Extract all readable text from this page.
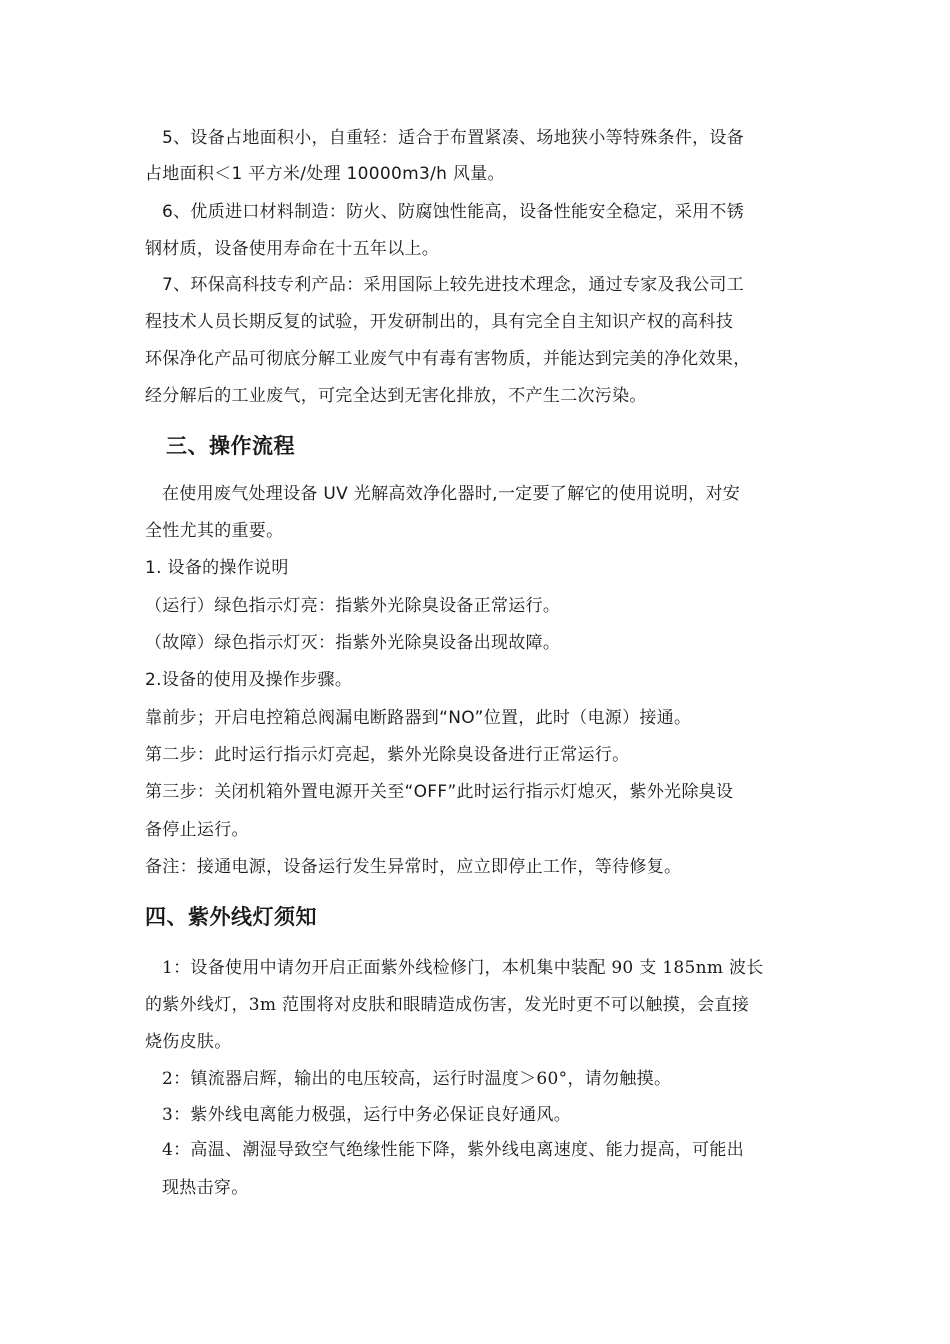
5、设备占地面积小，自重轻：适合于布置紧凑、场地狭小等特殊条件，设备
占地面积＜1 平方米/处理 10000m3/h 风量。
6、优质进口材料制造：防火、防腐蚀性能高，设备性能安全稳定，采用不锈
钢材质，设备使用寿命在十五年以上。
7、环保高科技专利产品：采用国际上较先进技术理念，通过专家及我公司工
程技术人员长期反复的试验，开发研制出的，具有完全自主知识产权的高科技
环保净化产品可彻底分解工业废气中有毒有害物质，并能达到完美的净化效果，
经分解后的工业废气，可完全达到无害化排放，不产生二次污染。
三、操作流程
在使用废气处理设备 UV 光解高效净化器时,一定要了解它的使用说明，对安
全性尤其的重要。
1. 设备的操作说明
（运行）绿色指示灯亮：指紫外光除臭设备正常运行。
（故障）绿色指示灯灭：指紫外光除臭设备出现故障。
2.设备的使用及操作步骤。
靠前步；开启电控箱总阀漏电断路器到“NO”位置，此时（电源）接通。
第二步：此时运行指示灯亮起，紫外光除臭设备进行正常运行。
第三步：关闭机箱外置电源开关至“OFF”此时运行指示灯熄灭，紫外光除臭设
备停止运行。
备注：接通电源，设备运行发生异常时，应立即停止工作，等待修复。
四、紫外线灯须知
1：设备使用中请勿开启正面紫外线检修门，本机集中装配 90 支 185nm 波长
的紫外线灯，3m 范围将对皮肤和眼睛造成伤害，发光时更不可以触摸，会直接
烧伤皮肤。
2：镇流器启辉，输出的电压较高，运行时温度＞60°，请勿触摸。
3：紫外线电离能力极强，运行中务必保证良好通风。
4：高温、潮湿导致空气绝缘性能下降，紫外线电离速度、能力提高，可能出
现热击穿。
